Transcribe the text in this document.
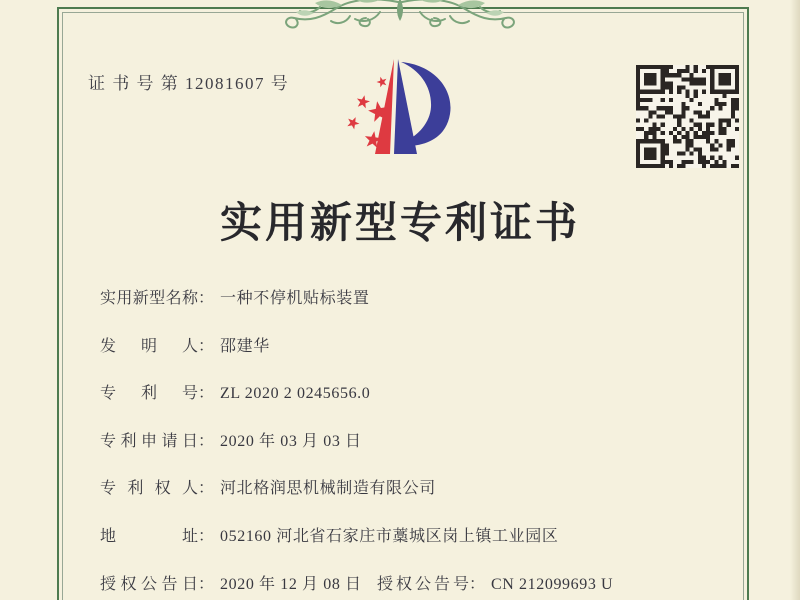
证 书 号 第 12081607 号
实用新型专利证书
实 用 新 型 名 称 ： 一种不停机贴标装置
发 明 人 ： 邵建华
专 利 号 ： ZL 2020 2 0245656.0
专 利 申 请 日 ： 2020 年 03 月 03 日
专 利 权 人 ： 河北格润思机械制造有限公司
地	址 ： 052160 河北省石家庄市藁城区岗上镇工业园区
授 权 公 告 日 ： 2020 年 12 月 08 日 授 权 公 告 号 ： CN 212099693 U
